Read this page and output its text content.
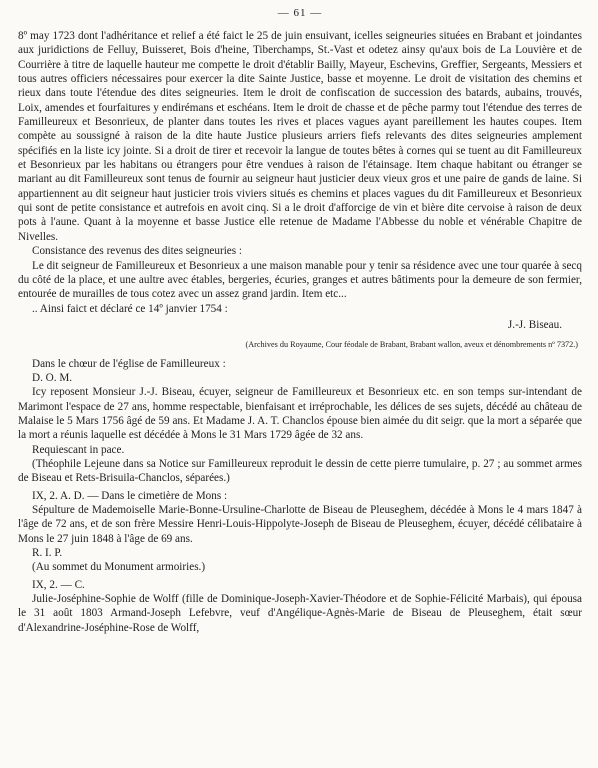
— 61 —

8º may 1723 dont l'adhéritance et relief a été faict le 25 de juin ensuivant, icelles seigneuries situées en Brabant et joindantes aux juridictions de Felluy, Buisseret, Bois d'heine, Tiberchamps, St.-Vast et odetez ainsy qu'aux bois de La Louvière et de Courrière à titre de laquelle hauteur me compette le droit d'établir Bailly, Mayeur, Eschevins, Greffier, Sergeants, Messiers et tous autres officiers nécessaires pour exercer la dite Sainte Justice, basse et moyenne. Le droit de visitation des chemins et rieux dans toute l'étendue des dites seigneuries. Item le droit de confiscation de succession des batards, aubains, trouvés, Loix, amendes et fourfaitures y endirémans et eschéans. Item le droit de chasse et de pêche parmy tout l'étendue des terres de Familleureux et Besonrieux, de planter dans toutes les rives et places vagues ayant pareillement les hautes coupes. Item compète au soussigné à raison de la dite haute Justice plusieurs arriers fiefs relevants des dites seigneuries amplement spécifiés en la liste icy jointe. Si a droit de tirer et recevoir la langue de toutes bêtes à cornes qui se tuent au dit Familleureux et Besonrieux par les habitans ou étrangers pour être vendues à raison de l'étainsage. Item chaque habitant ou étranger se mariant au dit Familleureux sont tenus de fournir au seigneur haut justicier deux vieux gros et une paire de gands de laine. Si appartiennent au dit seigneur haut justicier trois viviers situés es chemins et places vagues du dit Familleureux et Besonrieux qui sont de petite consistance et autrefois en avoit cinq. Si a le droit d'afforcige de vin et bière dite cervoise à raison de deux pots à l'aune. Quant à la moyenne et basse Justice elle retenue de Madame l'Abbesse du noble et vénérable Chapitre de Nivelles.

Consistance des revenus des dites seigneuries :

Le dit seigneur de Familleureux et Besonrieux a une maison manable pour y tenir sa résidence avec une tour quarée à secq du côté de la place, et une aultre avec étables, bergeries, écuries, granges et autres bâtiments pour la demeure de son fermier, entourée de murailles de tous cotez avec un assez grand jardin. Item etc...

.. Ainsi faict et déclaré ce 14º janvier 1754 :

J.-J. Biseau.

(Archives du Royaume, Cour féodale de Brabant, Brabant wallon, aveux et dénombrements nº 7372.)

Dans le chœur de l'église de Familleureux :

D. O. M.

Icy reposent Monsieur J.-J. Biseau, écuyer, seigneur de Familleureux et Besonrieux etc. en son temps sur-intendant de Marimont l'espace de 27 ans, homme respectable, bienfaisant et irréprochable, les délices de ses sujets, décédé au château de Malaise le 5 Mars 1756 âgé de 59 ans. Et Madame J. A. T. Chanclos épouse bien aimée du dit seigr. que la mort a séparée que la mort a réunis laquelle est décédée à Mons le 31 Mars 1729 âgée de 32 ans.

Requiescant in pace.

(Théophile Lejeune dans sa Notice sur Familleureux reproduit le dessin de cette pierre tumulaire, p. 27 ; au sommet armes de Biseau et Rets-Brisuila-Chanclos, séparées.)

IX, 2. A. D. — Dans le cimetière de Mons :

Sépulture de Mademoiselle Marie-Bonne-Ursuline-Charlotte de Biseau de Pleuseghem, décédée à Mons le 4 mars 1847 à l'âge de 72 ans, et de son frère Messire Henri-Louis-Hippolyte-Joseph de Biseau de Pleuseghem, écuyer, décédé célibataire à Mons le 27 juin 1848 à l'âge de 69 ans.

R. I. P.

(Au sommet du Monument armoiries.)

IX, 2. — C.

Julie-Joséphine-Sophie de Wolff (fille de Dominique-Joseph-Xavier-Théodore et de Sophie-Félicité Marbais), qui épousa le 31 août 1803 Armand-Joseph Lefebvre, veuf d'Angélique-Agnès-Marie de Biseau de Pleuseghem, était sœur d'Alexandrine-Joséphine-Rose de Wolff,
